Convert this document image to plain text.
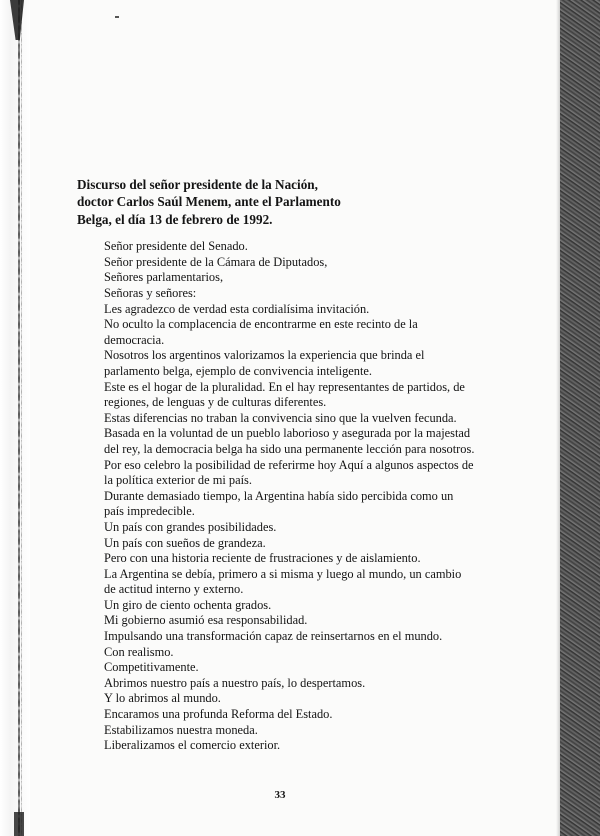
Discurso del señor presidente de la Nación,
doctor Carlos Saúl Menem, ante el Parlamento
Belga, el día 13 de febrero de 1992.

Señor presidente del Senado.

Señor presidente de la Cámara de Diputados,

Señores parlamentarios,

Señoras y señores:

Les agradezco de verdad esta cordialísima invitación.

No oculto la complacencia de encontrarme en este recinto de la
democracia.

Nosotros los argentinos valorizamos la experiencia que brinda el
parlamento belga, ejemplo de convivencia inteligente.

Este es el hogar de la pluralidad. En el hay representantes de partidos, de
regiones, de lenguas y de culturas diferentes.

Estas diferencias no traban la convivencia sino que la vuelven fecunda.

Basada en la voluntad de un pueblo laborioso y asegurada por la majestad
del rey, la democracia belga ha sido una permanente lección para nosotros.

Por eso celebro la posibilidad de referirme hoy Aquí a algunos aspectos de
la política exterior de mi país.

Durante demasiado tiempo, la Argentina había sido percibida como un
país impredecible.

Un país con grandes posibilidades.

Un país con sueños de grandeza.

Pero con una historia reciente de frustraciones y de aislamiento.

La Argentina se debía, primero a si misma y luego al mundo, un cambio
de actitud interno y externo.

Un giro de ciento ochenta grados.

Mi gobierno asumió esa responsabilidad.

Impulsando una transformación capaz de reinsertarnos en el mundo.

Con realismo.

Competitivamente.

Abrimos nuestro país a nuestro país, lo despertamos.

Y lo abrimos al mundo.

Encaramos una profunda Reforma del Estado.

Estabilizamos nuestra moneda.

Liberalizamos el comercio exterior.

33
